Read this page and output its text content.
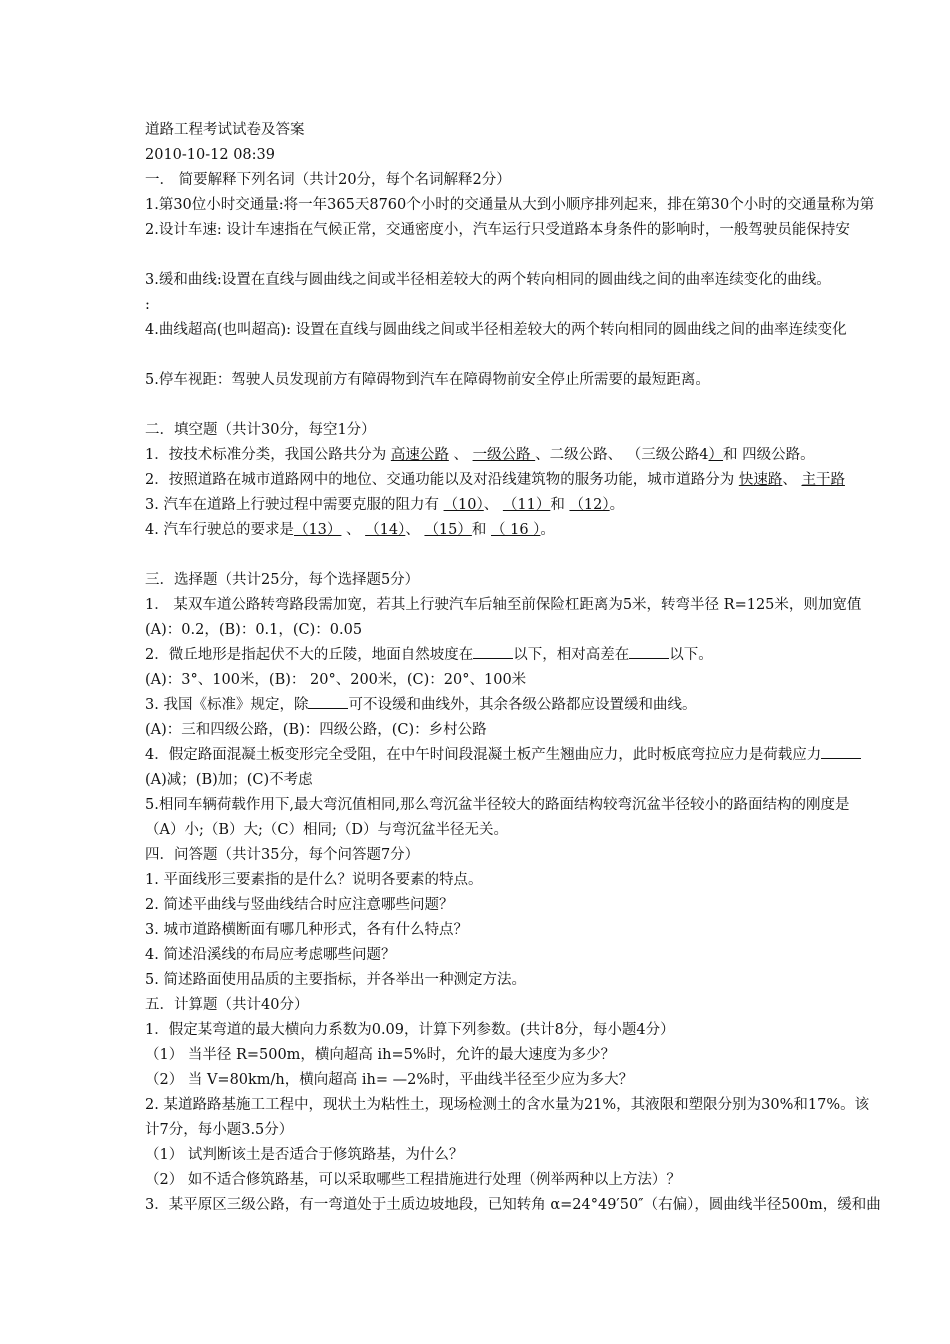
道路工程考试试卷及答案
2010-10-12 08:39
一． 简要解释下列名词（共计20分，每个名词解释2分）
1.第30位小时交通量:将一年365天8760个小时的交通量从大到小顺序排列起来，排在第30个小时的交通量称为第
2.设计车速: 设计车速指在气候正常，交通密度小，汽车运行只受道路本身条件的影响时，一般驾驶员能保持安
3.缓和曲线:设置在直线与圆曲线之间或半径相差较大的两个转向相同的圆曲线之间的曲率连续变化的曲线。
:
4.曲线超高(也叫超高): 设置在直线与圆曲线之间或半径相差较大的两个转向相同的圆曲线之间的曲率连续变化
5.停车视距：驾驶人员发现前方有障碍物到汽车在障碍物前安全停止所需要的最短距离。
二．填空题（共计30分，每空1分）
1．按技术标准分类，我国公路共分为 高速公路 、 一级公路 、二级公路、 （三级公路4）和 四级公路。
2．按照道路在城市道路网中的地位、交通功能以及对沿线建筑物的服务功能，城市道路分为 快速路、 主干路
3. 汽车在道路上行驶过程中需要克服的阻力有 （10）、 （11）和 （12）。
4. 汽车行驶总的要求是（13） 、 （14）、 （15）和 （ 16 ）。
三．选择题（共计25分，每个选择题5分）
1． 某双车道公路转弯路段需加宽，若其上行驶汽车后轴至前保险杠距离为5米，转弯半径 R=125米，则加宽值
(A)：0.2，(B)：0.1，(C)：0.05
2．微丘地形是指起伏不大的丘陵，地面自然坡度在	以下，相对高差在	以下。
(A)：3°、100米，(B)： 20°、200米，(C)：20°、100米
3. 我国《标准》规定，除	可不设缓和曲线外，其余各级公路都应设置缓和曲线。
(A)：三和四级公路，(B)：四级公路，(C)：乡村公路
4．假定路面混凝土板变形完全受阻，在中午时间段混凝土板产生翘曲应力，此时板底弯拉应力是荷载应力
(A)减；(B)加；(C)不考虑
5.相同车辆荷载作用下,最大弯沉值相同,那么弯沉盆半径较大的路面结构较弯沉盆半径较小的路面结构的刚度是
（A）小;（B）大;（C）相同;（D）与弯沉盆半径无关。
四．问答题（共计35分，每个问答题7分）
1. 平面线形三要素指的是什么？说明各要素的特点。
2. 简述平曲线与竖曲线结合时应注意哪些问题？
3. 城市道路横断面有哪几种形式，各有什么特点？
4. 简述沿溪线的布局应考虑哪些问题？
5. 简述路面使用品质的主要指标，并各举出一种测定方法。
五．计算题（共计40分）
1．假定某弯道的最大横向力系数为0.09，计算下列参数。(共计8分，每小题4分）
（1） 当半径 R=500m，横向超高 ih=5%时，允许的最大速度为多少？
（2） 当 V=80km/h，横向超高 ih= —2%时，平曲线半径至少应为多大？
2. 某道路路基施工工程中，现状土为粘性土，现场检测土的含水量为21%，其液限和塑限分别为30%和17%。该
计7分，每小题3.5分）
（1） 试判断该土是否适合于修筑路基，为什么？
（2） 如不适合修筑路基，可以采取哪些工程措施进行处理（例举两种以上方法）？
3．某平原区三级公路，有一弯道处于土质边坡地段，已知转角 α=24°49′50″（右偏），圆曲线半径500m，缓和曲
